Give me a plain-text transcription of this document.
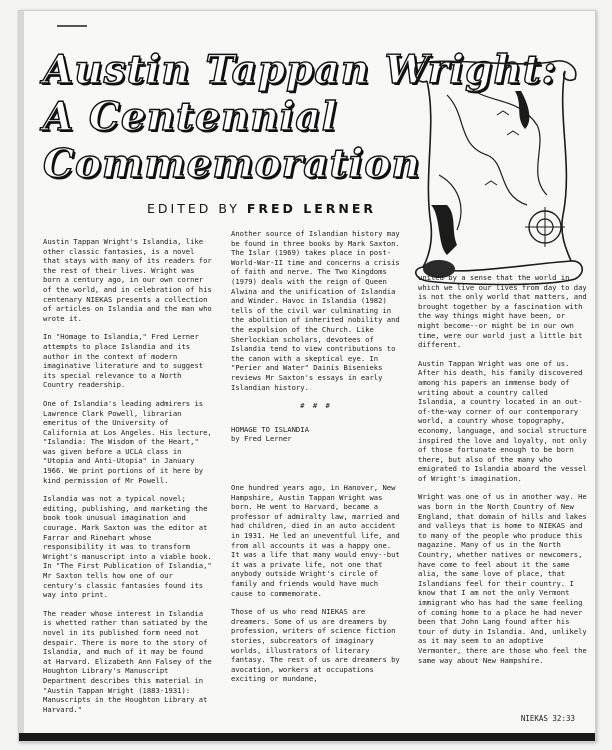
Austin Tappan Wright:
A Centennial
Commemoration
EDITED BY FRED LERNER

Austin Tappan Wright's Islandia, like other classic fantasies, is a novel that stays with many of its readers for the rest of their lives. Wright was born a century ago, in our own corner of the world, and in celebration of his centenary NIEKAS presents a collection of articles on Islandia and the man who wrote it.

In "Homage to Islandia," Fred Lerner attempts to place Islandia and its author in the context of modern imaginative literature and to suggest its special relevance to a North Country readership.

One of Islandia's leading admirers is Lawrence Clark Powell, librarian emeritus of the University of California at Los Angeles. His lecture, "Islandia: The Wisdom of the Heart," was given before a UCLA class in "Utopia and Anti-Utopia" in January 1966. We print portions of it here by kind permission of Mr Powell.

Islandia was not a typical novel; editing, publishing, and marketing the book took unusual imagination and courage. Mark Saxton was the editor at Farrar and Rinehart whose responsibility it was to transform Wright's manuscript into a viable book. In "The First Publication of Islandia," Mr Saxton tells how one of our century's classic fantasies found its way into print.

The reader whose interest in Islandia is whetted rather than satiated by the novel in its published form need not despair. There is more to the story of Islandia, and much of it may be found at Harvard. Elizabeth Ann Falsey of the Houghton Library's Manuscript Department describes this material in "Austin Tappan Wright (1883-1931): Manuscripts in the Houghton Library at Harvard."

Another source of Islandian history may be found in three books by Mark Saxton. The Islar (1969) takes place in post-World-War-II time and concerns a crisis of faith and nerve. The Two Kingdoms (1979) deals with the reign of Queen Alwina and the unification of Islandia and Winder. Havoc in Islandia (1982) tells of the civil war culminating in the abolition of inherited nobility and the expulsion of the Church. Like Sherlockian scholars, devotees of Islandia tend to view contributions to the canon with a skeptical eye. In "Perier and Water" Dainis Bisenieks reviews Mr Saxton's essays in early Islandian history.

# # #

HOMAGE TO ISLANDIA

by Fred Lerner

One hundred years ago, in Hanover, New Hampshire, Austin Tappan Wright was born. He went to Harvard, became a professor of admiralty law, married and had children, died in an auto accident in 1931. He led an uneventful life, and from all accounts it was a happy one. It was a life that many would envy--but it was a private life, not one that anybody outside Wright's circle of family and friends would have much cause to commemorate.

Those of us who read NIEKAS are dreamers. Some of us are dreamers by profession, writers of science fiction stories, subcreators of imaginary worlds, illustrators of literary fantasy. The rest of us are dreamers by avocation, workers at occupations exciting or mundane,

united by a sense that the world in which we live our lives from day to day is not the only world that matters, and brought together by a fascination with the way things might have been, or might become--or might be in our own time, were our world just a little bit different.

Austin Tappan Wright was one of us. After his death, his family discovered among his papers an immense body of writing about a country called Islandia, a country located in an out-of-the-way corner of our contemporary world, a country whose topography, economy, language, and social structure inspired the love and loyalty, not only of those fortunate enough to be born there, but also of the many who emigrated to Islandia aboard the vessel of Wright's imagination.

Wright was one of us in another way. He was born in the North Country of New England, that domain of hills and lakes and valleys that is home to NIEKAS and to many of the people who produce this magazine. Many of us in the North Country, whether natives or newcomers, have come to feel about it the same alia, the same love of place, that Islandians feel for their country. I know that I am not the only Vermont immigrant who has had the same feeling of coming home to a place he had never been that John Lang found after his tour of duty in Islandia. And, unlikely as it may seem to an adoptive Vermonter, there are those who feel the same way about New Hampshire.

NIEKAS 32:33
